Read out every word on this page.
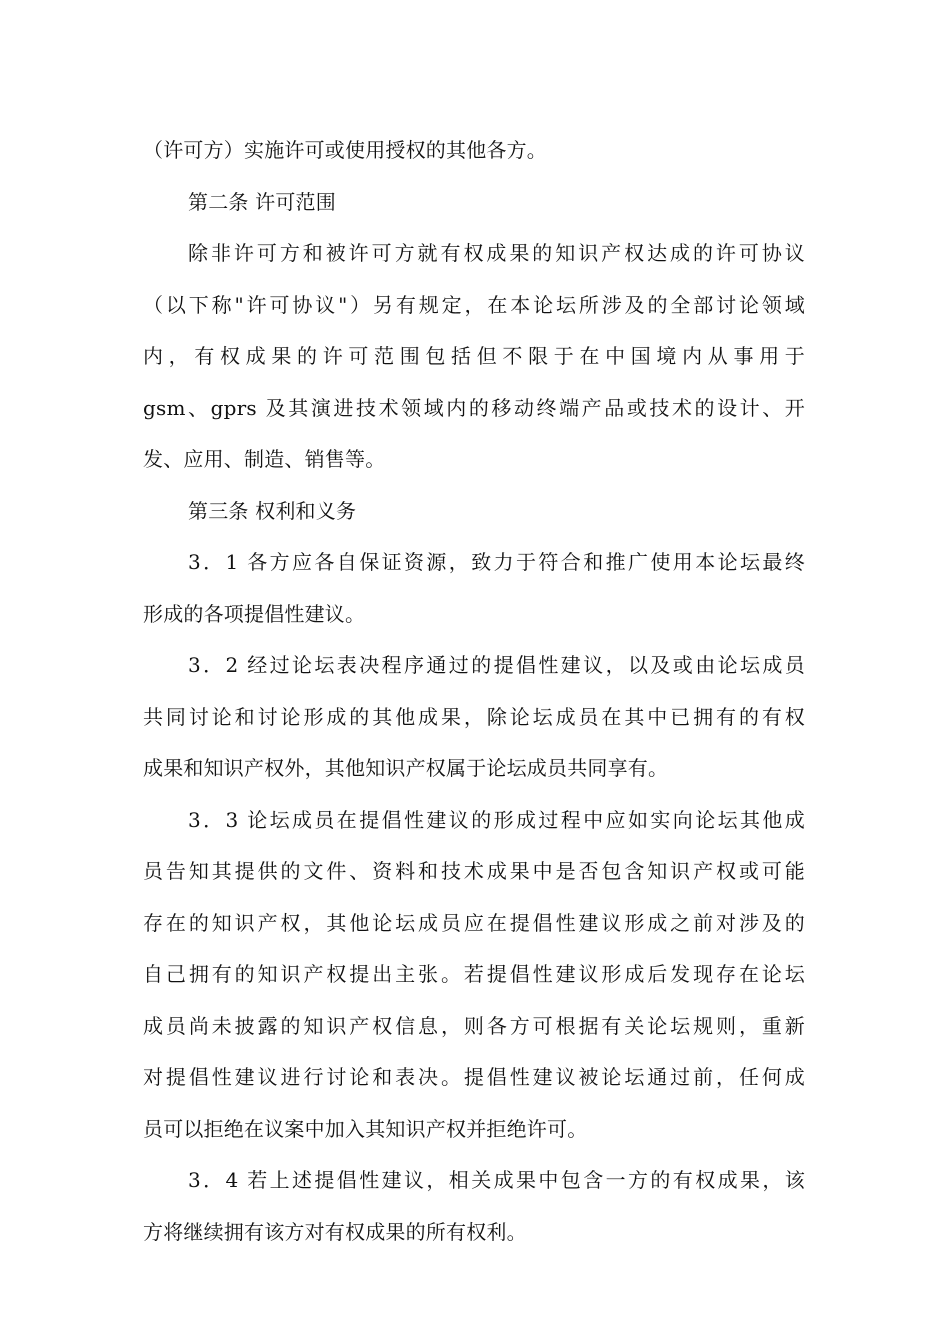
（许可方）实施许可或使用授权的其他各方。
第二条 许可范围
除非许可方和被许可方就有权成果的知识产权达成的许可协议
（以下称"许可协议"）另有规定，在本论坛所涉及的全部讨论领域
内，有权成果的许可范围包括但不限于在中国境内从事用于
gsm、gprs 及其演进技术领域内的移动终端产品或技术的设计、开
发、应用、制造、销售等。
第三条 权利和义务
3．1 各方应各自保证资源，致力于符合和推广使用本论坛最终
形成的各项提倡性建议。
3．2 经过论坛表决程序通过的提倡性建议，以及或由论坛成员
共同讨论和讨论形成的其他成果，除论坛成员在其中已拥有的有权
成果和知识产权外，其他知识产权属于论坛成员共同享有。
3．3 论坛成员在提倡性建议的形成过程中应如实向论坛其他成
员告知其提供的文件、资料和技术成果中是否包含知识产权或可能
存在的知识产权，其他论坛成员应在提倡性建议形成之前对涉及的
自己拥有的知识产权提出主张。若提倡性建议形成后发现存在论坛
成员尚未披露的知识产权信息，则各方可根据有关论坛规则，重新
对提倡性建议进行讨论和表决。提倡性建议被论坛通过前，任何成
员可以拒绝在议案中加入其知识产权并拒绝许可。
3．4 若上述提倡性建议，相关成果中包含一方的有权成果，该
方将继续拥有该方对有权成果的所有权利。
